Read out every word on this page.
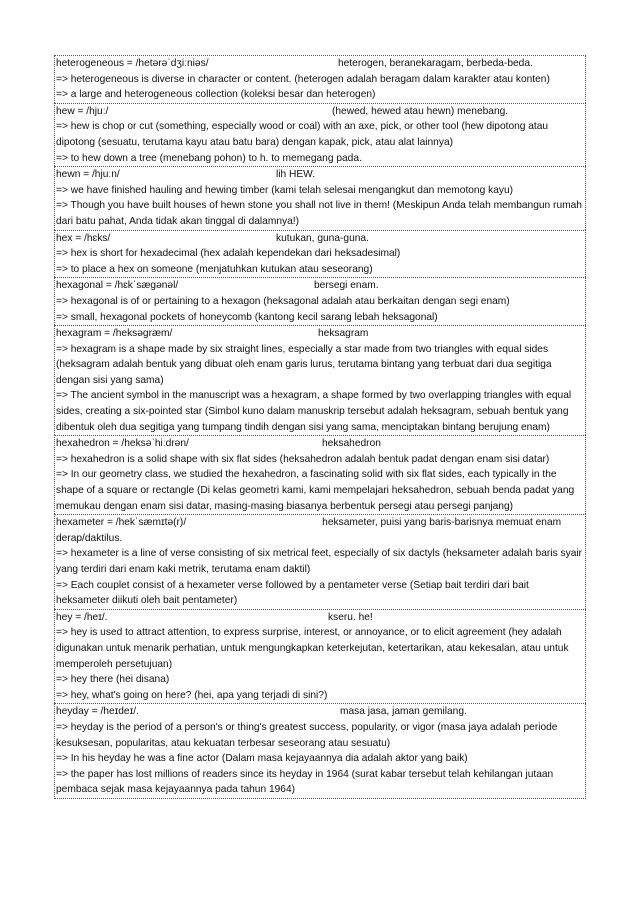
heterogeneous = /hetərəˈdʒiːniəs/	heterogen, beranekaragam, berbeda-beda.
=> heterogeneous is diverse in character or content. (heterogen adalah beragam dalam karakter atau konten)
=> a large and heterogeneous collection (koleksi besar dan heterogen)
hew = /hjuː/	(hewed, hewed atau hewn) menebang.
=> hew is chop or cut (something, especially wood or coal) with an axe, pick, or other tool (hew dipotong atau dipotong (sesuatu, terutama kayu atau batu bara) dengan kapak, pick, atau alat lainnya)
=> to hew down a tree (menebang pohon) to h. to memegang pada.
hewn = /hjuːn/	lih HEW.
=> we have finished hauling and hewing timber (kami telah selesai mengangkut dan memotong kayu)
=> Though you have built houses of hewn stone you shall not live in them! (Meskipun Anda telah membangun rumah dari batu pahat, Anda tidak akan tinggal di dalamnya!)
hex = /hɛks/	kutukan, guna-guna.
=> hex is short for hexadecimal (hex adalah kependekan dari heksadesimal)
=> to place a hex on someone (menjatuhkan kutukan atau seseorang)
hexagonal = /hɛkˈsæɡənəl/	bersegi enam.
=> hexagonal is of or pertaining to a hexagon (heksagonal adalah atau berkaitan dengan segi enam)
=> small, hexagonal pockets of honeycomb (kantong kecil sarang lebah heksagonal)
hexagram = /heksəɡræm/	heksagram
=> hexagram is a shape made by six straight lines, especially a star made from two triangles with equal sides (heksagram adalah bentuk yang dibuat oleh enam garis lurus, terutama bintang yang terbuat dari dua segitiga dengan sisi yang sama)
=> The ancient symbol in the manuscript was a hexagram, a shape formed by two overlapping triangles with equal sides, creating a six-pointed star (Simbol kuno dalam manuskrip tersebut adalah heksagram, sebuah bentuk yang dibentuk oleh dua segitiga yang tumpang tindih dengan sisi yang sama, menciptakan bintang berujung enam)
hexahedron = /heksəˈhiːdrən/	heksahedron
=> hexahedron is a solid shape with six flat sides (heksahedron adalah bentuk padat dengan enam sisi datar)
=> In our geometry class, we studied the hexahedron, a fascinating solid with six flat sides, each typically in the shape of a square or rectangle (Di kelas geometri kami, kami mempelajari heksahedron, sebuah benda padat yang memukau dengan enam sisi datar, masing-masing biasanya berbentuk persegi atau persegi panjang)
hexameter = /hekˈsæmɪtə(r)/	heksameter, puisi yang baris-barisnya memuat enam derap/daktilus.
=> hexameter is a line of verse consisting of six metrical feet, especially of six dactyls (heksameter adalah baris syair yang terdiri dari enam kaki metrik, terutama enam daktil)
=> Each couplet consist of a hexameter verse followed by a pentameter verse (Setiap bait terdiri dari bait heksameter diikuti oleh bait pentameter)
hey = /heɪ/.	kseru. he!
=> hey is used to attract attention, to express surprise, interest, or annoyance, or to elicit agreement (hey adalah digunakan untuk menarik perhatian, untuk mengungkapkan keterkejutan, ketertarikan, atau kekesalan, atau untuk memperoleh persetujuan)
=> hey there (hei disana)
=> hey, what's going on here? (hei, apa yang terjadi di sini?)
heyday = /heɪdeɪ/.	masa jasa, jaman gemilang.
=> heyday is the period of a person's or thing's greatest success, popularity, or vigor (masa jaya adalah periode kesuksesan, popularitas, atau kekuatan terbesar seseorang atau sesuatu)
=> In his heyday he was a fine actor (Dalam masa kejayaannya dia adalah aktor yang baik)
=> the paper has lost millions of readers since its heyday in 1964 (surat kabar tersebut telah kehilangan jutaan pembaca sejak masa kejayaannya pada tahun 1964)
